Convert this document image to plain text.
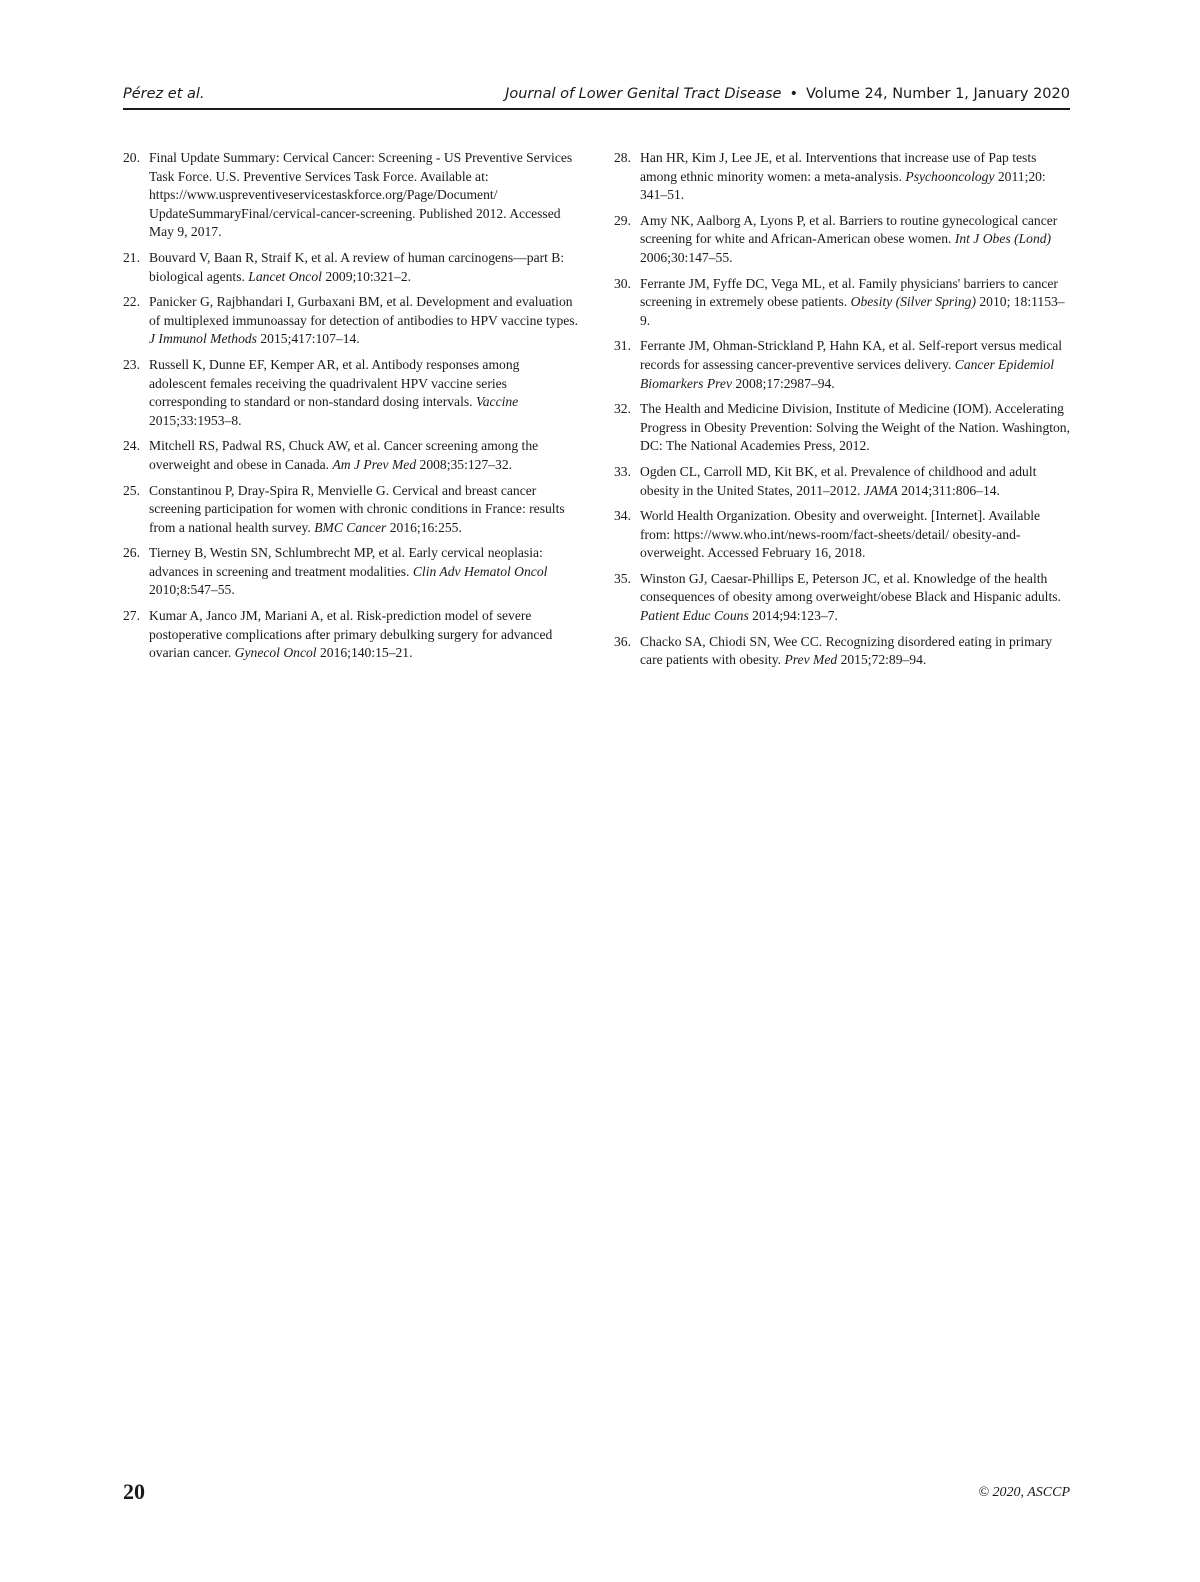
Pérez et al.	Journal of Lower Genital Tract Disease • Volume 24, Number 1, January 2020
20. Final Update Summary: Cervical Cancer: Screening - US Preventive Services Task Force. U.S. Preventive Services Task Force. Available at: https://www.uspreventiveservicestaskforce.org/Page/Document/ UpdateSummaryFinal/cervical-cancer-screening. Published 2012. Accessed May 9, 2017.
21. Bouvard V, Baan R, Straif K, et al. A review of human carcinogens—part B: biological agents. Lancet Oncol 2009;10:321–2.
22. Panicker G, Rajbhandari I, Gurbaxani BM, et al. Development and evaluation of multiplexed immunoassay for detection of antibodies to HPV vaccine types. J Immunol Methods 2015;417:107–14.
23. Russell K, Dunne EF, Kemper AR, et al. Antibody responses among adolescent females receiving the quadrivalent HPV vaccine series corresponding to standard or non-standard dosing intervals. Vaccine 2015;33:1953–8.
24. Mitchell RS, Padwal RS, Chuck AW, et al. Cancer screening among the overweight and obese in Canada. Am J Prev Med 2008;35:127–32.
25. Constantinou P, Dray-Spira R, Menvielle G. Cervical and breast cancer screening participation for women with chronic conditions in France: results from a national health survey. BMC Cancer 2016;16:255.
26. Tierney B, Westin SN, Schlumbrecht MP, et al. Early cervical neoplasia: advances in screening and treatment modalities. Clin Adv Hematol Oncol 2010;8:547–55.
27. Kumar A, Janco JM, Mariani A, et al. Risk-prediction model of severe postoperative complications after primary debulking surgery for advanced ovarian cancer. Gynecol Oncol 2016;140:15–21.
28. Han HR, Kim J, Lee JE, et al. Interventions that increase use of Pap tests among ethnic minority women: a meta-analysis. Psychooncology 2011;20: 341–51.
29. Amy NK, Aalborg A, Lyons P, et al. Barriers to routine gynecological cancer screening for white and African-American obese women. Int J Obes (Lond) 2006;30:147–55.
30. Ferrante JM, Fyffe DC, Vega ML, et al. Family physicians' barriers to cancer screening in extremely obese patients. Obesity (Silver Spring) 2010; 18:1153–9.
31. Ferrante JM, Ohman-Strickland P, Hahn KA, et al. Self-report versus medical records for assessing cancer-preventive services delivery. Cancer Epidemiol Biomarkers Prev 2008;17:2987–94.
32. The Health and Medicine Division, Institute of Medicine (IOM). Accelerating Progress in Obesity Prevention: Solving the Weight of the Nation. Washington, DC: The National Academies Press, 2012.
33. Ogden CL, Carroll MD, Kit BK, et al. Prevalence of childhood and adult obesity in the United States, 2011–2012. JAMA 2014;311:806–14.
34. World Health Organization. Obesity and overweight. [Internet]. Available from: https://www.who.int/news-room/fact-sheets/detail/ obesity-and-overweight. Accessed February 16, 2018.
35. Winston GJ, Caesar-Phillips E, Peterson JC, et al. Knowledge of the health consequences of obesity among overweight/obese Black and Hispanic adults. Patient Educ Couns 2014;94:123–7.
36. Chacko SA, Chiodi SN, Wee CC. Recognizing disordered eating in primary care patients with obesity. Prev Med 2015;72:89–94.
20	© 2020, ASCCP
